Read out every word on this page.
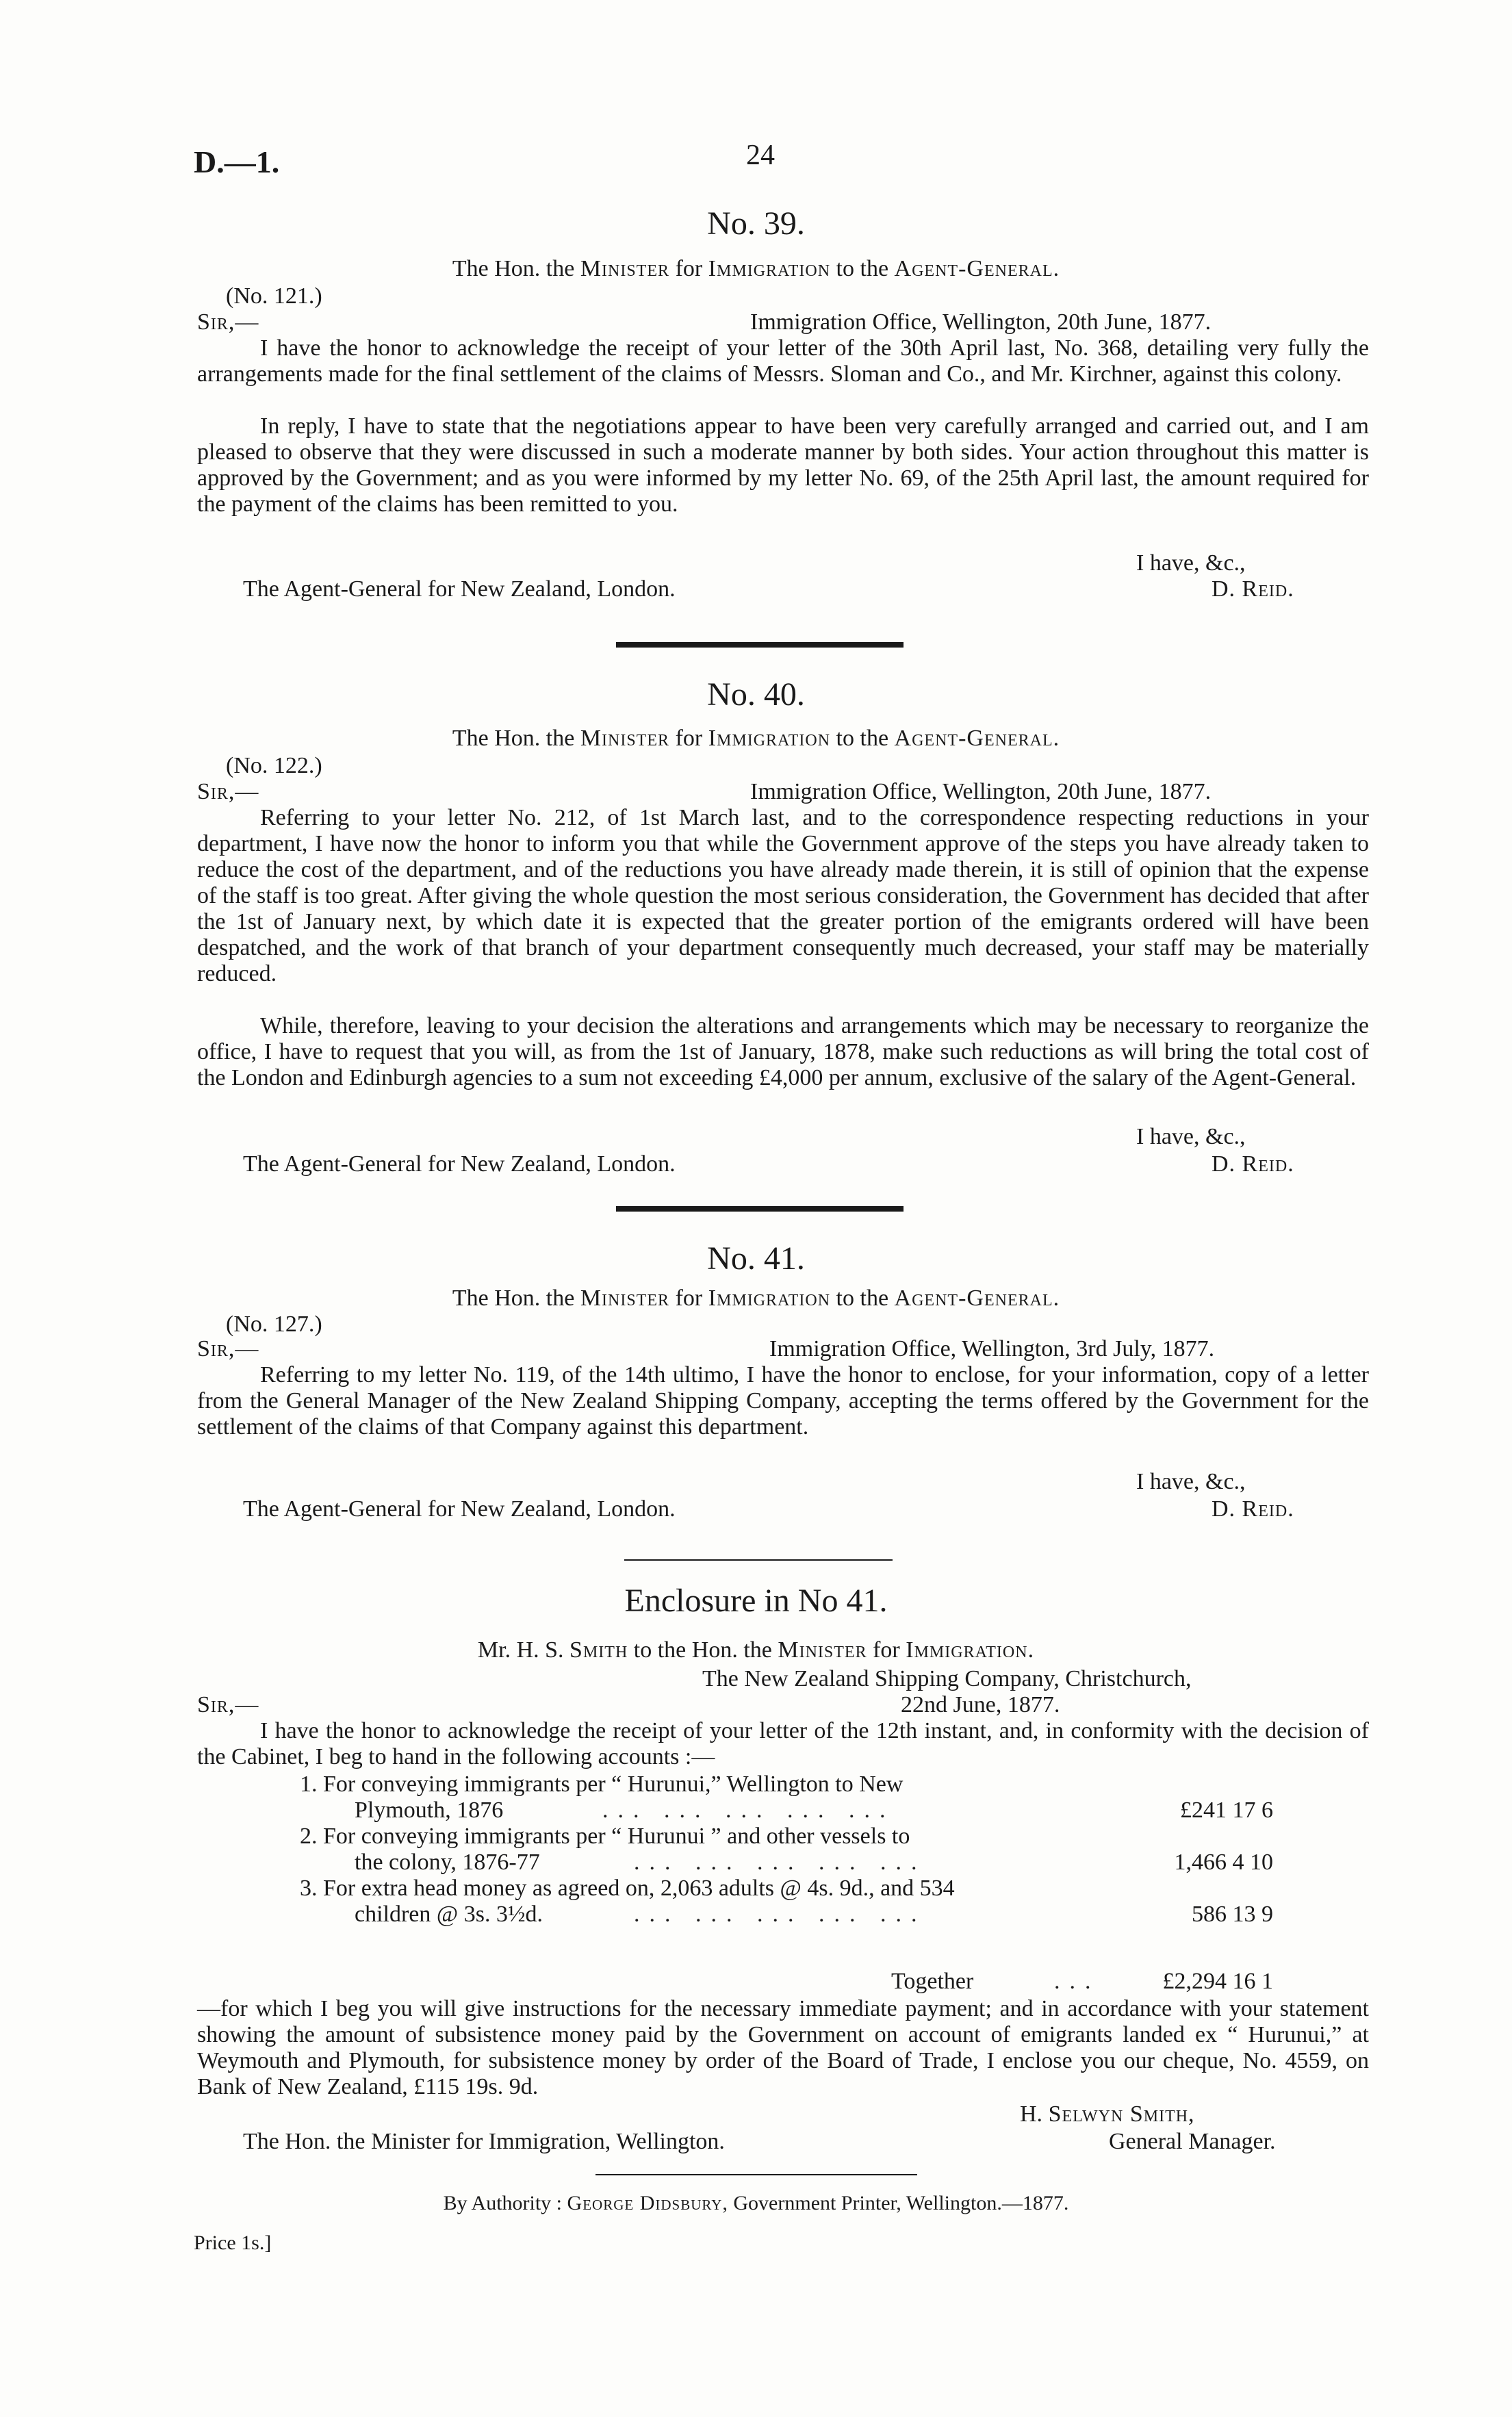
D.—1.	24
No. 39.
The Hon. the Minister for Immigration to the Agent-General.
(No. 121.)
Sir,—	Immigration Office, Wellington, 20th June, 1877.
I have the honor to acknowledge the receipt of your letter of the 30th April last, No. 368, detailing very fully the arrangements made for the final settlement of the claims of Messrs. Sloman and Co., and Mr. Kirchner, against this colony.
In reply, I have to state that the negotiations appear to have been very carefully arranged and carried out, and I am pleased to observe that they were discussed in such a moderate manner by both sides. Your action throughout this matter is approved by the Government; and as you were informed by my letter No. 69, of the 25th April last, the amount required for the payment of the claims has been remitted to you.
I have, &c.,
The Agent-General for New Zealand, London.	D. Reid.
No. 40.
The Hon. the Minister for Immigration to the Agent-General.
(No. 122.)
Sir,—	Immigration Office, Wellington, 20th June, 1877.
Referring to your letter No. 212, of 1st March last, and to the correspondence respecting reductions in your department, I have now the honor to inform you that while the Government approve of the steps you have already taken to reduce the cost of the department, and of the reductions you have already made therein, it is still of opinion that the expense of the staff is too great. After giving the whole question the most serious consideration, the Government has decided that after the 1st of January next, by which date it is expected that the greater portion of the emigrants ordered will have been despatched, and the work of that branch of your department consequently much decreased, your staff may be materially reduced.
While, therefore, leaving to your decision the alterations and arrangements which may be necessary to reorganize the office, I have to request that you will, as from the 1st of January, 1878, make such reductions as will bring the total cost of the London and Edinburgh agencies to a sum not exceeding £4,000 per annum, exclusive of the salary of the Agent-General.
I have, &c.,
The Agent-General for New Zealand, London.	D. Reid.
No. 41.
The Hon. the Minister for Immigration to the Agent-General.
(No. 127.)
Sir,—	Immigration Office, Wellington, 3rd July, 1877.
Referring to my letter No. 119, of the 14th ultimo, I have the honor to enclose, for your information, copy of a letter from the General Manager of the New Zealand Shipping Company, accepting the terms offered by the Government for the settlement of the claims of that Company against this department.
I have, &c.,
The Agent-General for New Zealand, London.	D. Reid.
Enclosure in No 41.
Mr. H. S. Smith to the Hon. the Minister for Immigration.
The New Zealand Shipping Company, Christchurch,
22nd June, 1877.
Sir,—
I have the honor to acknowledge the receipt of your letter of the 12th instant, and, in conformity with the decision of the Cabinet, I beg to hand in the following accounts :—
1. For conveying immigrants per “ Hurunui,” Wellington to New
Plymouth, 1876	... ... ... ... ...	£241 17 6
2. For conveying immigrants per “ Hurunui ” and other vessels to
the colony, 1876-77	... ... ... ... ...	1,466 4 10
3. For extra head money as agreed on, 2,063 adults @ 4s. 9d., and 534
children @ 3s. 3½d.	... ... ... ... ...	586 13 9
Together	...	£2,294 16 1
—for which I beg you will give instructions for the necessary immediate payment; and in accordance with your statement showing the amount of subsistence money paid by the Government on account of emigrants landed ex “ Hurunui,” at Weymouth and Plymouth, for subsistence money by order of the Board of Trade, I enclose you our cheque, No. 4559, on Bank of New Zealand, £115 19s. 9d.
H. Selwyn Smith,
The Hon. the Minister for Immigration, Wellington.	General Manager.
By Authority : George Didsbury, Government Printer, Wellington.—1877.
Price 1s.]
